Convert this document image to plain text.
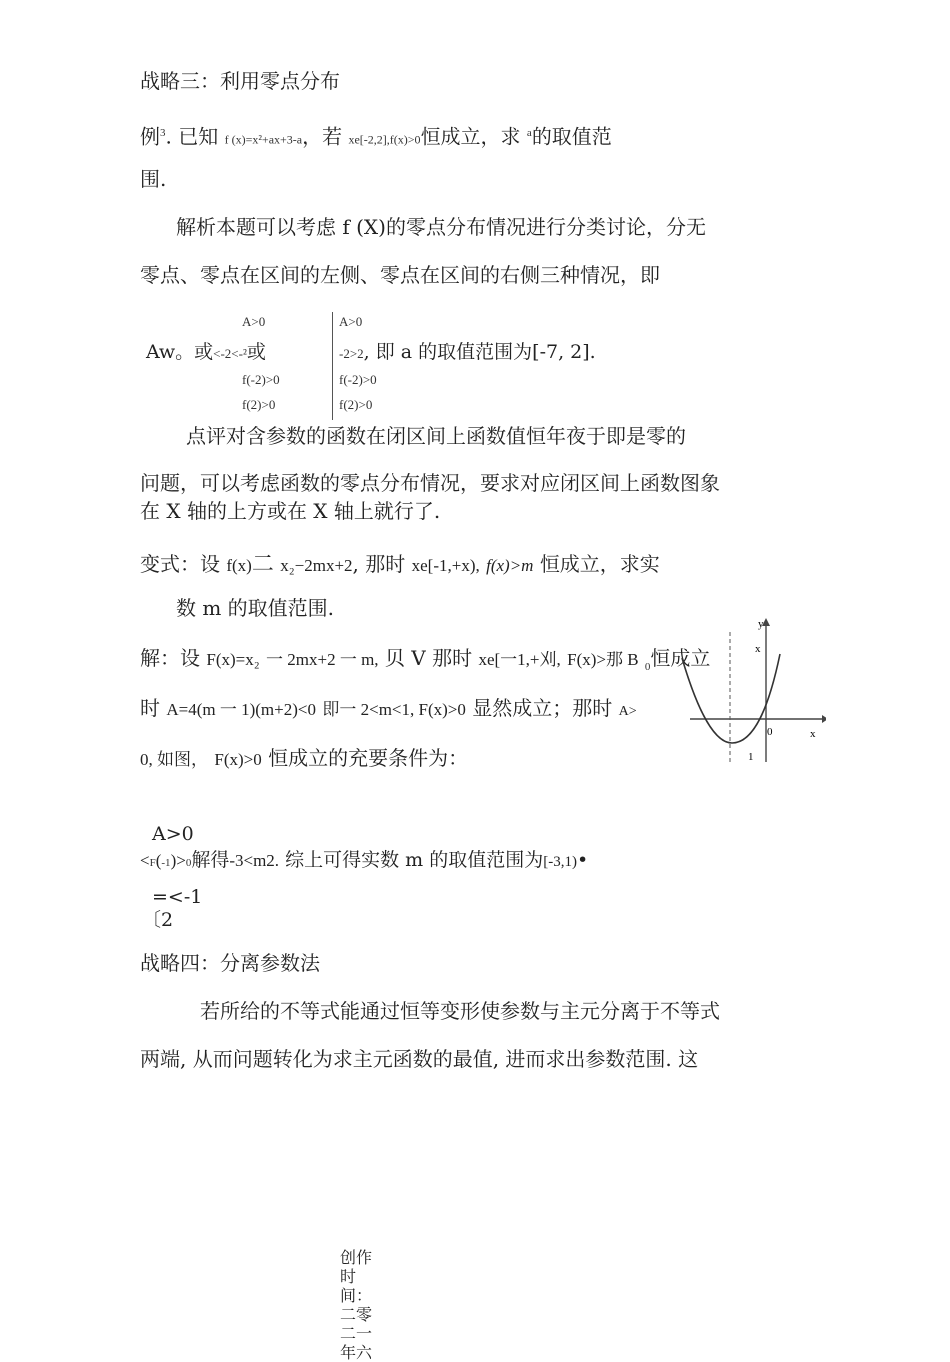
战略三：利用零点分布
例$^3$. 已知 f (x)=x²+ax+3-a，若 xe[-2,2],f(x)>0恒成立，求 $^a$的取值范
围.
解析本题可以考虑 f (X)的零点分布情况进行分类讨论，分无
零点、零点在区间的左侧、零点在区间的右侧三种情况，即
A>0
Aw。或<-2<-²或
f(-2)>0
f(2)>0
A>0
-2>2, 即 a 的取值范围为[-7, 2].
f(-2)>0
f(2)>0
点评对含参数的函数在闭区间上函数值恒年夜于即是零的
问题，可以考虑函数的零点分布情况，要求对应闭区间上函数图象
在 X 轴的上方或在 X 轴上就行了.
变式：设 f(x)二 x₂−2mx+2, 那时 xe[-1,+x), f(x)>m 恒成立，求实
数 m 的取值范围.
解：设 F(x)=x₂ 一 2mx+2 一 m, 贝 V 那时 xe[一1,+刈, F(x)>那 B $_0$恒成立
时 A=4(m 一 1)(m+2)<0 即一 2<m<1, F(x)>0 显然成立；那时 A>
0, 如图， F(x)>0 恒成立的充要条件为：
y
x
x
0
1
A>0
<F(-1)>0解得-3<m2. 综上可得实数 m 的取值范围为[-3,1)•
=<-1
〔2
战略四：分离参数法
若所给的不等式能通过恒等变形使参数与主元分离于不等式
两端, 从而问题转化为求主元函数的最值, 进而求出参数范围. 这
创作时间：二零二一年六
